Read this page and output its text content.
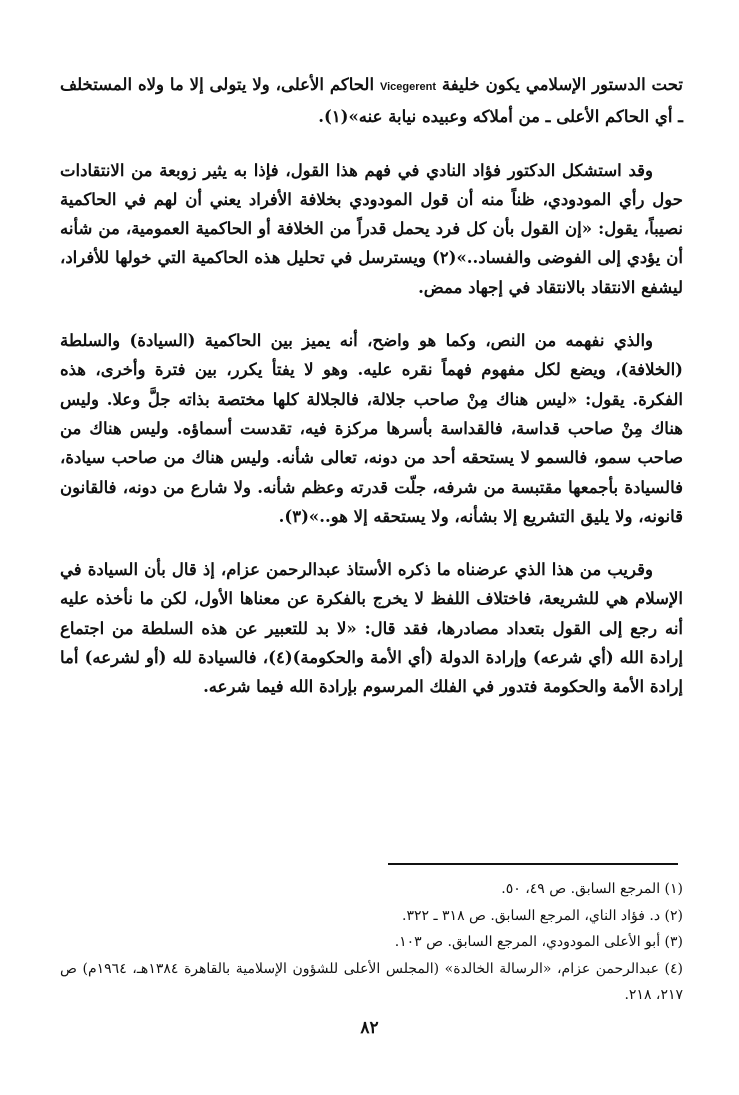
تحت الدستور الإسلامي يكون خليفة Vicegerent الحاكم الأعلى، ولا يتولى إلا ما ولاه المستخلف ـ أي الحاكم الأعلى ـ من أملاكه وعبيده نيابة عنه»(١).

وقد استشكل الدكتور فؤاد النادي في فهم هذا القول، فإذا به يثير زوبعة من الانتقادات حول رأي المودودي، ظناً منه أن قول المودودي بخلافة الأفراد يعني أن لهم في الحاكمية نصيباً، يقول: «إن القول بأن كل فرد يحمل قدراً من الخلافة أو الحاكمية العمومية، من شأنه أن يؤدي إلى الفوضى والفساد..»(٢) ويسترسل في تحليل هذه الحاكمية التي خولها للأفراد، ليشفع الانتقاد بالانتقاد في إجهاد ممض.

والذي نفهمه من النص، وكما هو واضح، أنه يميز بين الحاكمية (السيادة) والسلطة (الخلافة)، ويضع لكل مفهوم فهماً نقره عليه. وهو لا يفتأ يكرر، بين فترة وأخرى، هذه الفكرة. يقول: «ليس هناك مِنْ صاحب جلالة، فالجلالة كلها مختصة بذاته جلَّ وعلا. وليس هناك مِنْ صاحب قداسة، فالقداسة بأسرها مركزة فيه، تقدست أسماؤه. وليس هناك من صاحب سمو، فالسمو لا يستحقه أحد من دونه، تعالى شأنه. وليس هناك من صاحب سيادة، فالسيادة بأجمعها مقتبسة من شرفه، جلّت قدرته وعظم شأنه. ولا شارع من دونه، فالقانون قانونه، ولا يليق التشريع إلا بشأنه، ولا يستحقه إلا هو..»(٣).

وقريب من هذا الذي عرضناه ما ذكره الأستاذ عبدالرحمن عزام، إذ قال بأن السيادة في الإسلام هي للشريعة، فاختلاف اللفظ لا يخرج بالفكرة عن معناها الأول، لكن ما نأخذه عليه أنه رجع إلى القول بتعداد مصادرها، فقد قال: «لا بد للتعبير عن هذه السلطة من اجتماع إرادة الله (أي شرعه) وإرادة الدولة (أي الأمة والحكومة)(٤)، فالسيادة لله (أو لشرعه) أما إرادة الأمة والحكومة فتدور في الفلك المرسوم بإرادة الله فيما شرعه.

(١) المرجع السابق. ص ٤٩، ٥٠.

(٢) د. فؤاد الناي، المرجع السابق. ص ٣١٨ ـ ٣٢٢.

(٣) أبو الأعلى المودودي، المرجع السابق. ص ١٠٣.

(٤) عبدالرحمن عزام، «الرسالة الخالدة» (المجلس الأعلى للشؤون الإسلامية بالقاهرة ١٣٨٤هـ، ١٩٦٤م) ص ٢١٧، ٢١٨.

٨٢
